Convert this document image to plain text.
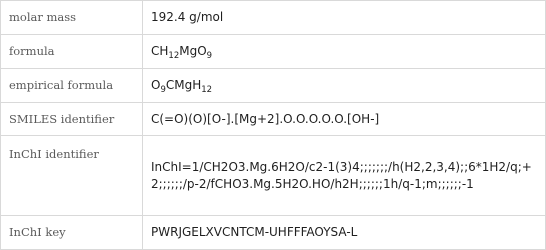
molar mass	192.4 g/mol
formula	$CH_{12}MgO_9$
empirical formula	$O_9CMgH_{12}$
SMILES identifier	C(=O)(O)[O-].[Mg+2].O.O.O.O.O.[OH-]
InChI identifier	InChI=1/CH2O3.Mg.6H2O/c2-1(3)4;;;;;;;/h(H2,2,3,4);;6*1H2/q;+2;;;;;;/p-2/fCHO3.Mg.5H2O.HO/h2H;;;;;;1h/q-1;m;;;;;;-1

InChI key	PWRJGELXVCNTCM-UHFFFAOYSA-L
